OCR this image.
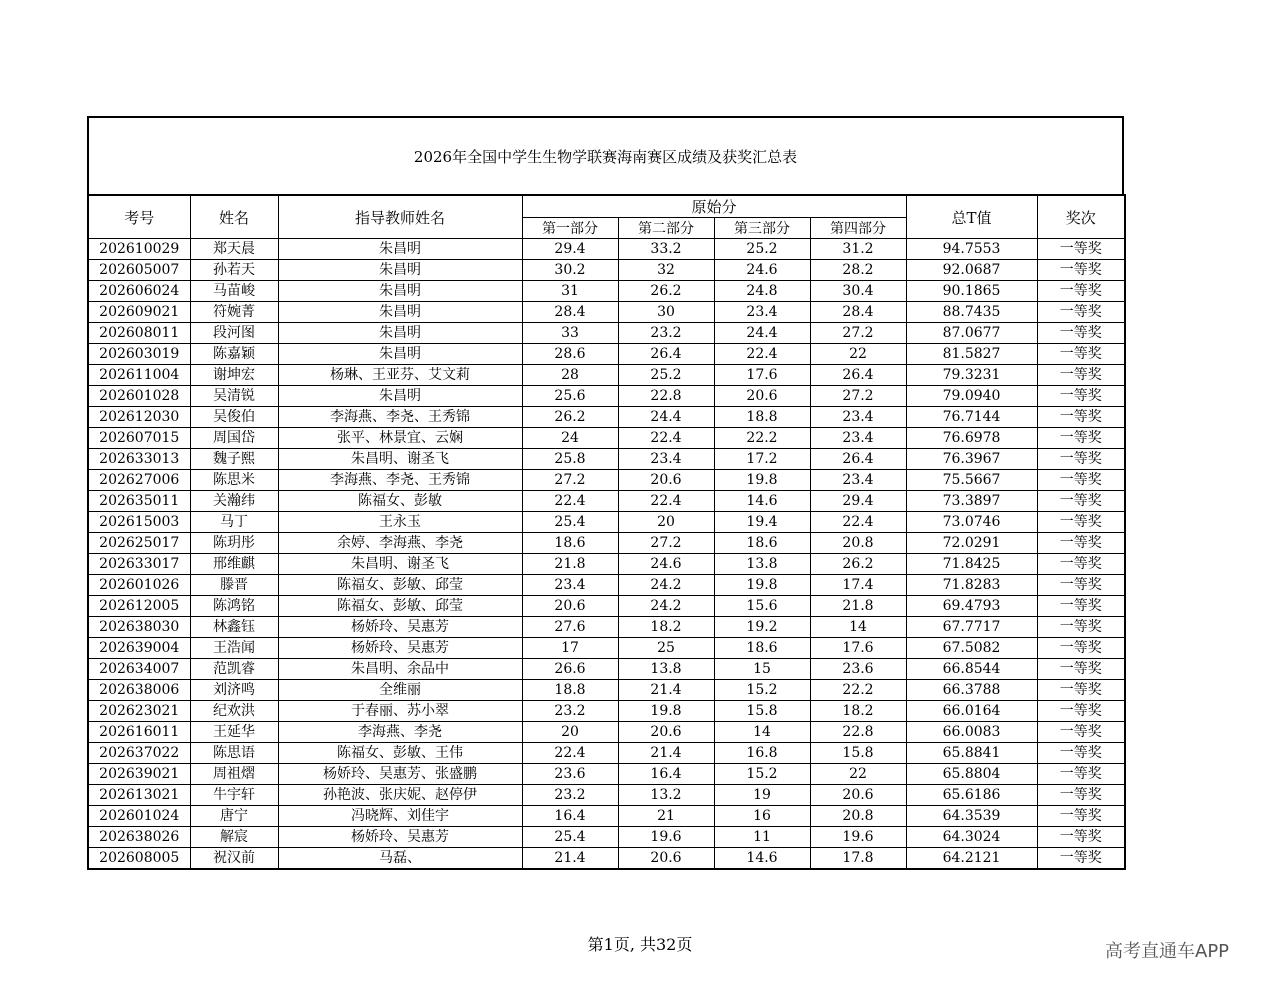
2026年全国中学生生物学联赛海南赛区成绩及获奖汇总表
考号	姓名	指导教师姓名	原始分				总T值	奖次
			第一部分	第二部分	第三部分	第四部分		
202610029	郑天晨	朱昌明	29.4	33.2	25.2	31.2	94.7553	一等奖
202605007	孙若天	朱昌明	30.2	32	24.6	28.2	92.0687	一等奖
202606024	马苗峻	朱昌明	31	26.2	24.8	30.4	90.1865	一等奖
202609021	符婉菁	朱昌明	28.4	30	23.4	28.4	88.7435	一等奖
202608011	段河图	朱昌明	33	23.2	24.4	27.2	87.0677	一等奖
202603019	陈嘉颖	朱昌明	28.6	26.4	22.4	22	81.5827	一等奖
202611004	谢坤宏	杨琳、王亚芬、艾文莉	28	25.2	17.6	26.4	79.3231	一等奖
202601028	吴清锐	朱昌明	25.6	22.8	20.6	27.2	79.0940	一等奖
202612030	吴俊伯	李海燕、李尧、王秀锦	26.2	24.4	18.8	23.4	76.7144	一等奖
202607015	周国岱	张平、林景宜、云娴	24	22.4	22.2	23.4	76.6978	一等奖
202633013	魏子熙	朱昌明、谢圣飞	25.8	23.4	17.2	26.4	76.3967	一等奖
202627006	陈思米	李海燕、李尧、王秀锦	27.2	20.6	19.8	23.4	75.5667	一等奖
202635011	关瀚纬	陈福女、彭敏	22.4	22.4	14.6	29.4	73.3897	一等奖
202615003	马丁	王永玉	25.4	20	19.4	22.4	73.0746	一等奖
202625017	陈玥彤	余婷、李海燕、李尧	18.6	27.2	18.6	20.8	72.0291	一等奖
202633017	邢维麒	朱昌明、谢圣飞	21.8	24.6	13.8	26.2	71.8425	一等奖
202601026	滕晋	陈福女、彭敏、邱莹	23.4	24.2	19.8	17.4	71.8283	一等奖
202612005	陈鸿铭	陈福女、彭敏、邱莹	20.6	24.2	15.6	21.8	69.4793	一等奖
202638030	林鑫钰	杨娇玲、吴惠芳	27.6	18.2	19.2	14	67.7717	一等奖
202639004	王浩闻	杨娇玲、吴惠芳	17	25	18.6	17.6	67.5082	一等奖
202634007	范凯睿	朱昌明、余品中	26.6	13.8	15	23.6	66.8544	一等奖
202638006	刘济鸣	全维丽	18.8	21.4	15.2	22.2	66.3788	一等奖
202623021	纪欢洪	于春丽、苏小翠	23.2	19.8	15.8	18.2	66.0164	一等奖
202616011	王延华	李海燕、李尧	20	20.6	14	22.8	66.0083	一等奖
202637022	陈思语	陈福女、彭敏、王伟	22.4	21.4	16.8	15.8	65.8841	一等奖
202639021	周祖熠	杨娇玲、吴惠芳、张盛鹏	23.6	16.4	15.2	22	65.8804	一等奖
202613021	牛宇轩	孙艳波、张庆妮、赵停伊	23.2	13.2	19	20.6	65.6186	一等奖
202601024	唐宁	冯晓辉、刘佳宇	16.4	21	16	20.8	64.3539	一等奖
202638026	解宸	杨娇玲、吴惠芳	25.4	19.6	11	19.6	64.3024	一等奖
202608005	祝汉前	马磊、	21.4	20.6	14.6	17.8	64.2121	一等奖
第1页, 共32页	高考直通车APP
